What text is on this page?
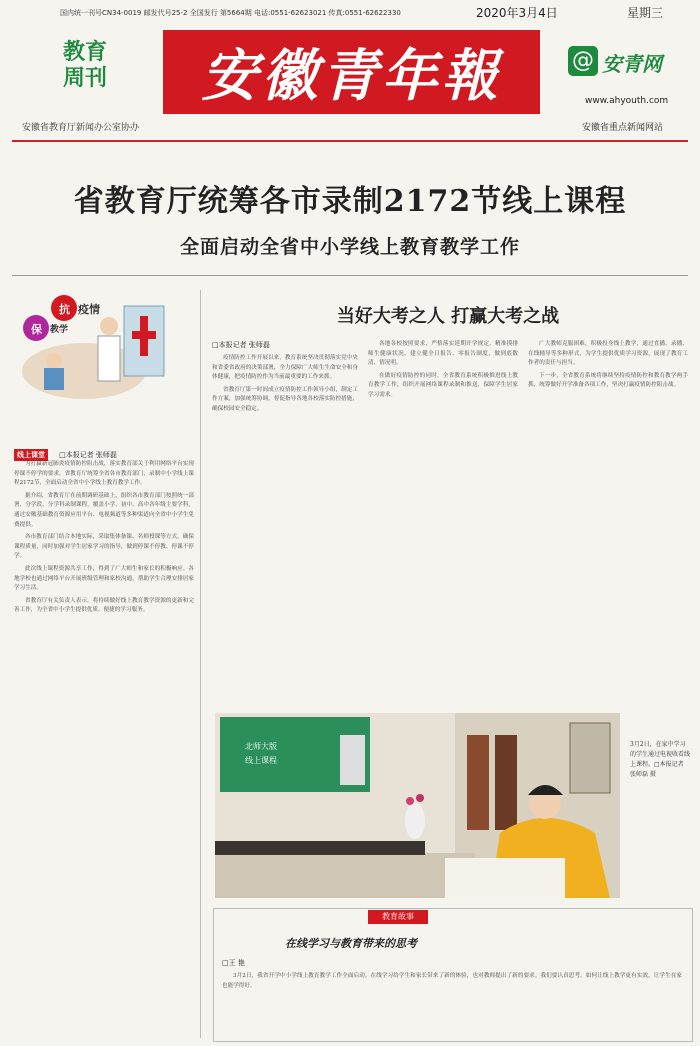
国内统一刊号CN34-0019 邮发代号25-2 全国发行 第5664期 电话:0551-62623021 传真:0551-62622330	2020年3月4日	星期三
教育
周刊
安徽省教育厅新闻办公室协办
安徽青年報	@ 安青网
www.ahyouth.com
安徽省重点新闻网站
省教育厅统筹各市录制2172节线上课程
全面启动全省中小学线上教育教学工作
抗 疫情
保 教学
线上课堂 □本报记者 张师磊

为打赢新冠肺炎疫情防控阻击战，落实教育部关于利用网络平台实现停课不停学的要求，省教育厅统筹全省各市教育部门，录制中小学线上课程2172节，全面启动全省中小学线上教育教学工作。

据介绍，省教育厅在前期调研基础上，组织各市教育部门按照统一部署，分学段、分学科录制课程，覆盖小学、初中、高中各年级主要学科，通过安徽基础教育资源应用平台、电视频道等多种渠道向全省中小学生免费提供。

各市教育部门结合本地实际，采取集体备课、名师授课等方式，确保课程质量，同时加强对学生居家学习的指导，做到停课不停教、停课不停学。

此次线上课程资源共享工作，得到了广大师生和家长的积极响应。各地学校也通过网络平台开展班级管理和家校沟通，帮助学生合理安排居家学习生活。

省教育厅有关负责人表示，将持续做好线上教育教学资源的更新和完善工作，为全省中小学生提供优质、便捷的学习服务。

当好大考之人 打赢大考之战
□本报记者 张师磊

疫情防控工作开展以来，教育系统坚决贯彻落实党中央和省委省政府的决策部署，全力保障广大师生生命安全和身体健康，把疫情防控作为当前最重要的工作来抓。

省教育厅第一时间成立疫情防控工作领导小组，制定工作方案，加强统筹协调，督促指导各地各校落实防控措施，确保校园安全稳定。

各地各校按照要求，严格落实延期开学规定，精准摸排师生健康状况，建立健全日报告、零报告制度，做到底数清、情况明。

在做好疫情防控的同时，全省教育系统积极推进线上教育教学工作，组织开展网络课程录制和推送，保障学生居家学习需求。

广大教师克服困难，积极投身线上教学，通过直播、录播、在线辅导等多种形式，为学生提供优质学习资源，展现了教育工作者的责任与担当。

下一步，全省教育系统将继续坚持疫情防控和教育教学两手抓，统筹做好开学准备各项工作，坚决打赢疫情防控阻击战。

北师大版
线上课程
3月2日，在家中学习的学生通过电视收看线上课程。□本报记者 张师磊 摄
教育故事
在线学习与教育带来的思考
□王 艳

3月2日，我省开学中小学线上教育教学工作全面启动。在线学习给学生和家长带来了新的体验，也对教师提出了新的要求。我们要认真思考，如何让线上教学更有实效，让学生在家也能学得好。
